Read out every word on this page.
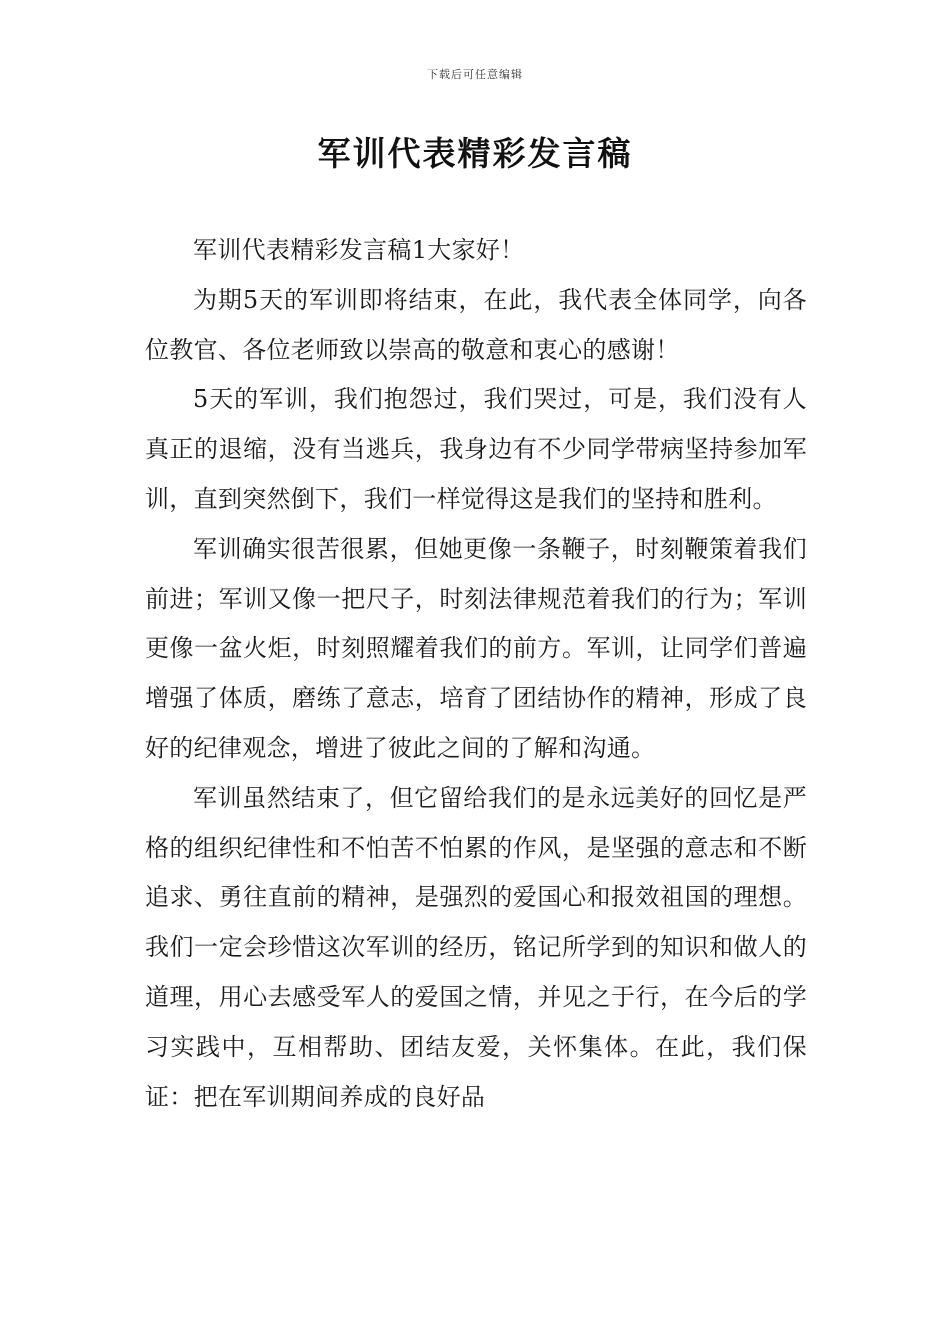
下载后可任意编辑
军训代表精彩发言稿

军训代表精彩发言稿1大家好！

为期5天的军训即将结束，在此，我代表全体同学，向各位教官、各位老师致以崇高的敬意和衷心的感谢！

5天的军训，我们抱怨过，我们哭过，可是，我们没有人真正的退缩，没有当逃兵，我身边有不少同学带病坚持参加军训，直到突然倒下，我们一样觉得这是我们的坚持和胜利。

军训确实很苦很累，但她更像一条鞭子，时刻鞭策着我们前进；军训又像一把尺子，时刻法律规范着我们的行为；军训更像一盆火炬，时刻照耀着我们的前方。军训，让同学们普遍增强了体质，磨练了意志，培育了团结协作的精神，形成了良好的纪律观念，增进了彼此之间的了解和沟通。

军训虽然结束了，但它留给我们的是永远美好的回忆是严格的组织纪律性和不怕苦不怕累的作风，是坚强的意志和不断追求、勇往直前的精神，是强烈的爱国心和报效祖国的理想。我们一定会珍惜这次军训的经历，铭记所学到的知识和做人的道理，用心去感受军人的爱国之情，并见之于行，在今后的学习实践中，互相帮助、团结友爱，关怀集体。在此，我们保证：把在军训期间养成的良好品
